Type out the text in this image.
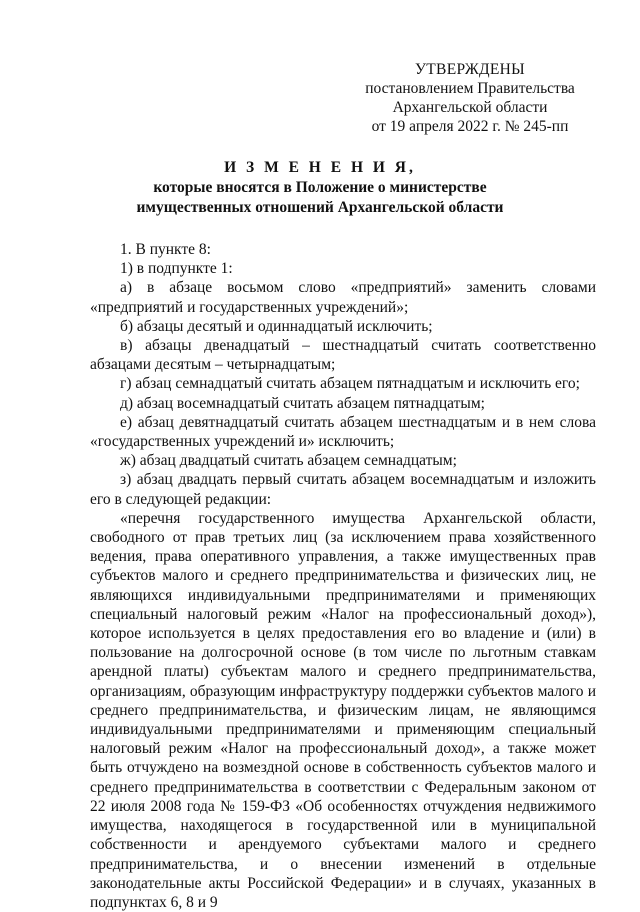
УТВЕРЖДЕНЫ
постановлением Правительства
Архангельской области
от 19 апреля 2022 г. № 245-пп
И З М Е Н Е Н И Я,
которые вносятся в Положение о министерстве
имущественных отношений Архангельской области

1. В пункте 8:

1) в подпункте 1:

а) в абзаце восьмом слово «предприятий» заменить словами «предприятий и государственных учреждений»;

б) абзацы десятый и одиннадцатый исключить;

в) абзацы двенадцатый – шестнадцатый считать соответственно абзацами десятым – четырнадцатым;

г) абзац семнадцатый считать абзацем пятнадцатым и исключить его;

д) абзац восемнадцатый считать абзацем пятнадцатым;

е) абзац девятнадцатый считать абзацем шестнадцатым и в нем слова «государственных учреждений и» исключить;

ж) абзац двадцатый считать абзацем семнадцатым;

з) абзац двадцать первый считать абзацем восемнадцатым и изложить его в следующей редакции:

«перечня государственного имущества Архангельской области, свободного от прав третьих лиц (за исключением права хозяйственного ведения, права оперативного управления, а также имущественных прав субъектов малого и среднего предпринимательства и физических лиц, не являющихся индивидуальными предпринимателями и применяющих специальный налоговый режим «Налог на профессиональный доход»), которое используется в целях предоставления его во владение и (или) в пользование на долгосрочной основе (в том числе по льготным ставкам арендной платы) субъектам малого и среднего предпринимательства, организациям, образующим инфраструктуру поддержки субъектов малого и среднего предпринимательства, и физическим лицам, не являющимся индивидуальными предпринимателями и применяющим специальный налоговый режим «Налог на профессиональный доход», а также может быть отчуждено на возмездной основе в собственность субъектов малого и среднего предпринимательства в соответствии с Федеральным законом от 22 июля 2008 года № 159-ФЗ «Об особенностях отчуждения недвижимого имущества, находящегося в государственной или в муниципальной собственности и арендуемого субъектами малого и среднего предпринимательства, и о внесении изменений в отдельные законодательные акты Российской Федерации» и в случаях, указанных в подпунктах 6, 8 и 9
